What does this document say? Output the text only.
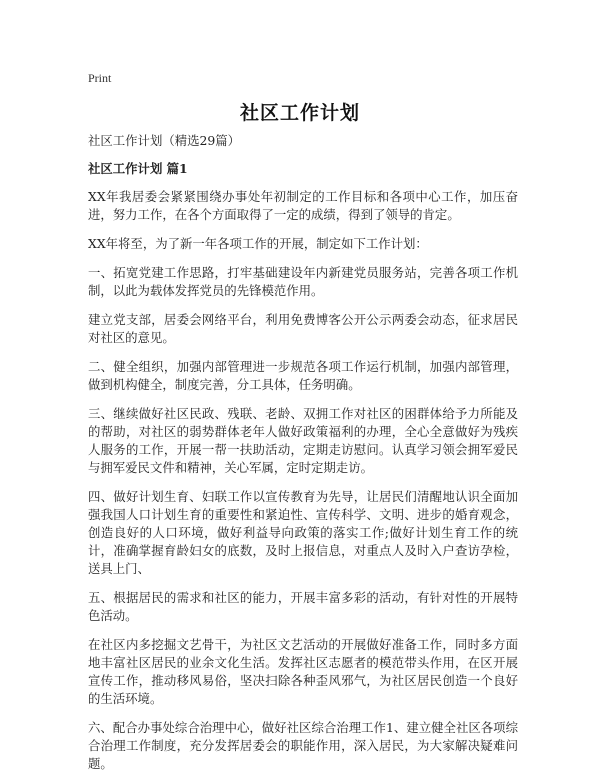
Print
社区工作计划

社区工作计划（精选29篇）

社区工作计划 篇1

XX年我居委会紧紧围绕办事处年初制定的工作目标和各项中心工作，加压奋进，努力工作，在各个方面取得了一定的成绩，得到了领导的肯定。

XX年将至，为了新一年各项工作的开展，制定如下工作计划：

一、拓宽党建工作思路，打牢基础建设年内新建党员服务站，完善各项工作机制，以此为载体发挥党员的先锋模范作用。

建立党支部，居委会网络平台，利用免费博客公开公示两委会动态，征求居民对社区的意见。

二、健全组织，加强内部管理进一步规范各项工作运行机制，加强内部管理，做到机构健全，制度完善，分工具体，任务明确。

三、继续做好社区民政、残联、老龄、双拥工作对社区的困群体给予力所能及的帮助，对社区的弱势群体老年人做好政策福利的办理，全心全意做好为残疾人服务的工作，开展一帮一扶助活动，定期走访慰问。认真学习领会拥军爱民与拥军爱民文件和精神，关心军属，定时定期走访。

四、做好计划生育、妇联工作以宣传教育为先导，让居民们清醒地认识全面加强我国人口计划生育的重要性和紧迫性、宣传科学、文明、进步的婚育观念，创造良好的人口环境，做好利益导向政策的落实工作;做好计划生育工作的统计，准确掌握育龄妇女的底数，及时上报信息，对重点人及时入户查访孕检，送具上门、

五、根据居民的需求和社区的能力，开展丰富多彩的活动，有针对性的开展特色活动。

在社区内多挖掘文艺骨干，为社区文艺活动的开展做好准备工作，同时多方面地丰富社区居民的业余文化生活。发挥社区志愿者的模范带头作用，在区开展宣传工作，推动移风易俗，坚决扫除各种歪风邪气，为社区居民创造一个良好的生活环境。

六、配合办事处综合治理中心，做好社区综合治理工作1、建立健全社区各项综合治理工作制度，充分发挥居委会的职能作用，深入居民，为大家解决疑难问题。
